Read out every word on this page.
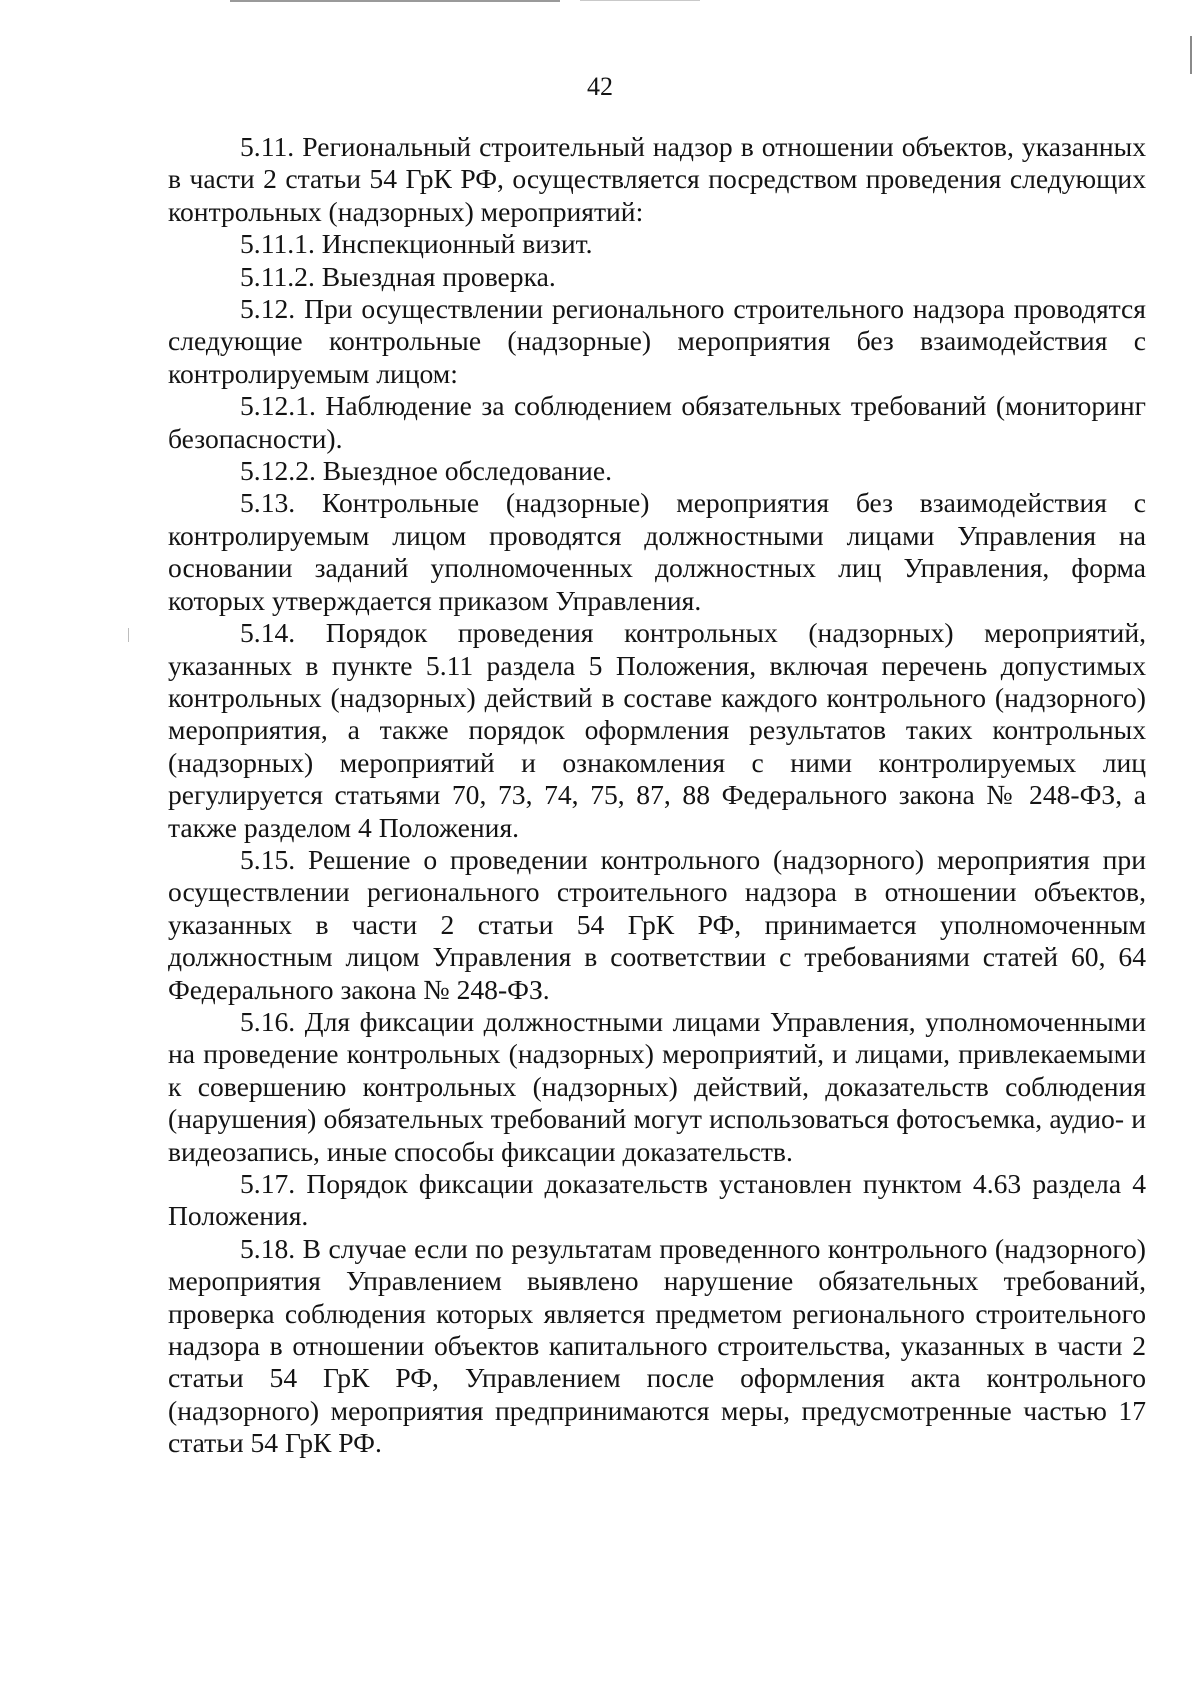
42

5.11. Региональный строительный надзор в отношении объектов, указанных в части 2 статьи 54 ГрК РФ, осуществляется посредством проведения следующих контрольных (надзорных) мероприятий:

5.11.1. Инспекционный визит.

5.11.2. Выездная проверка.

5.12. При осуществлении регионального строительного надзора проводятся следующие контрольные (надзорные) мероприятия без взаимодействия с контролируемым лицом:

5.12.1. Наблюдение за соблюдением обязательных требований (мониторинг безопасности).

5.12.2. Выездное обследование.

5.13. Контрольные (надзорные) мероприятия без взаимодействия с контролируемым лицом проводятся должностными лицами Управления на основании заданий уполномоченных должностных лиц Управления, форма которых утверждается приказом Управления.

5.14. Порядок проведения контрольных (надзорных) мероприятий, указанных в пункте 5.11 раздела 5 Положения, включая перечень допустимых контрольных (надзорных) действий в составе каждого контрольного (надзорного) мероприятия, а также порядок оформления результатов таких контрольных (надзорных) мероприятий и ознакомления с ними контролируемых лиц регулируется статьями 70, 73, 74, 75, 87, 88 Федерального закона № 248-ФЗ, а также разделом 4 Положения.

5.15. Решение о проведении контрольного (надзорного) мероприятия при осуществлении регионального строительного надзора в отношении объектов, указанных в части 2 статьи 54 ГрК РФ, принимается уполномоченным должностным лицом Управления в соответствии с требованиями статей 60, 64 Федерального закона № 248-ФЗ.

5.16. Для фиксации должностными лицами Управления, уполномоченными на проведение контрольных (надзорных) мероприятий, и лицами, привлекаемыми к совершению контрольных (надзорных) действий, доказательств соблюдения (нарушения) обязательных требований могут использоваться фотосъемка, аудио- и видеозапись, иные способы фиксации доказательств.

5.17. Порядок фиксации доказательств установлен пунктом 4.63 раздела 4 Положения.

5.18. В случае если по результатам проведенного контрольного (надзорного) мероприятия Управлением выявлено нарушение обязательных требований, проверка соблюдения которых является предметом регионального строительного надзора в отношении объектов капитального строительства, указанных в части 2 статьи 54 ГрК РФ, Управлением после оформления акта контрольного (надзорного) мероприятия предпринимаются меры, предусмотренные частью 17 статьи 54 ГрК РФ.
